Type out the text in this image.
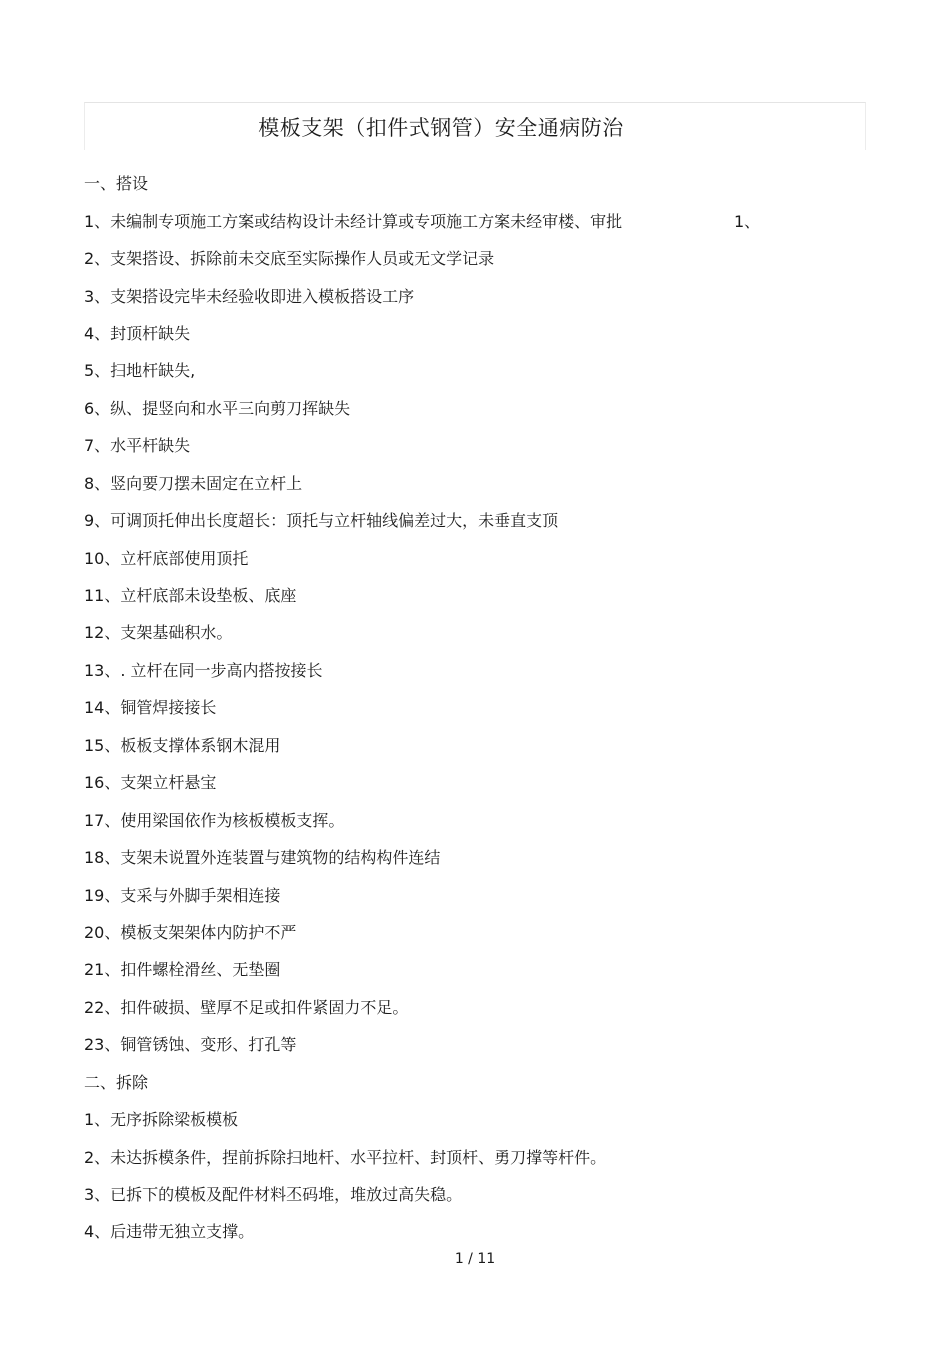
模板支架（扣件式钢管）安全通病防治

一、搭设

1、未编制专项施工方案或结构设计未经计算或专项施工方案未经审楼、审批	1、

2、支架搭设、拆除前未交底至实际操作人员或无文学记录

3、支架搭设完毕未经验收即进入模板搭设工序

4、封顶杆缺失

5、扫地杆缺失,

6、纵、提竖向和水平三向剪刀挥缺失

7、水平杆缺失

8、竖向要刀摆未固定在立杆上

9、可调顶托伸出长度超长：顶托与立杆轴线偏差过大，未垂直支顶

10、立杆底部使用顶托

11、立杆底部未设垫板、底座

12、支架基础积水。

13、. 立杆在同一步高内搭按接长

14、铜管焊接接长

15、板板支撑体系钢木混用

16、支架立杆悬宝

17、使用梁国依作为核板模板支挥。

18、支架未说置外连装置与建筑物的结构构件连结

19、支采与外脚手架相连接

20、模板支架架体内防护不严

21、扣件螺栓滑丝、无垫圈

22、扣件破损、壁厚不足或扣件紧固力不足。

23、铜管锈蚀、变形、打孔等

二、拆除

1、无序拆除梁板模板

2、未达拆模条件，捏前拆除扫地杆、水平拉杆、封顶杆、勇刀撑等杆件。

3、已拆下的模板及配件材料丕码堆，堆放过高失稳。

4、后违带无独立支撑。

1 / 11
